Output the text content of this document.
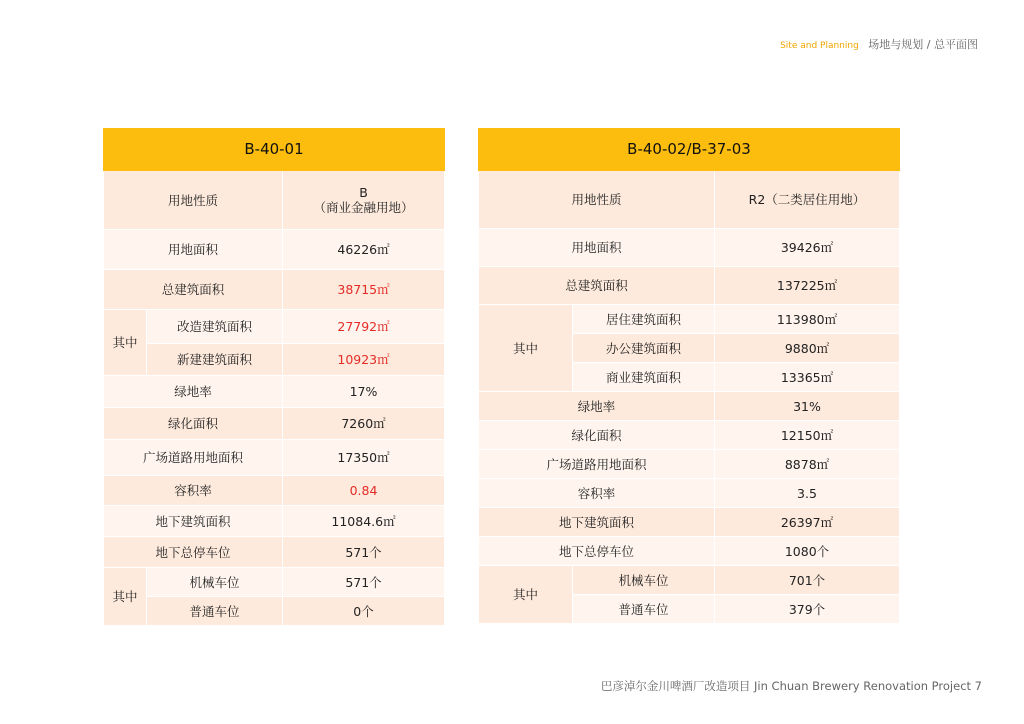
Site and Planning 场地与规划 / 总平面图
B-40-01		
用地性质		B
（商业金融用地）

用地面积		46226㎡
总建筑面积		38715㎡
其中	改造建筑面积	27792㎡
	新建建筑面积	10923㎡
绿地率		17%
绿化面积		7260㎡
广场道路用地面积		17350㎡
容积率		0.84
地下建筑面积		11084.6㎡
地下总停车位		571个
其中	机械车位	571个
	普通车位	0个
B-40-02/B-37-03		
用地性质		R2（二类居住用地）
用地面积		39426㎡
总建筑面积		137225㎡
其中	居住建筑面积	113980㎡
	办公建筑面积	9880㎡
	商业建筑面积	13365㎡
绿地率		31%
绿化面积		12150㎡
广场道路用地面积		8878㎡
容积率		3.5
地下建筑面积		26397㎡
地下总停车位		1080个
其中	机械车位	701个
	普通车位	379个
巴彦淖尔金川啤酒厂改造项目 Jin Chuan Brewery Renovation Project 7
